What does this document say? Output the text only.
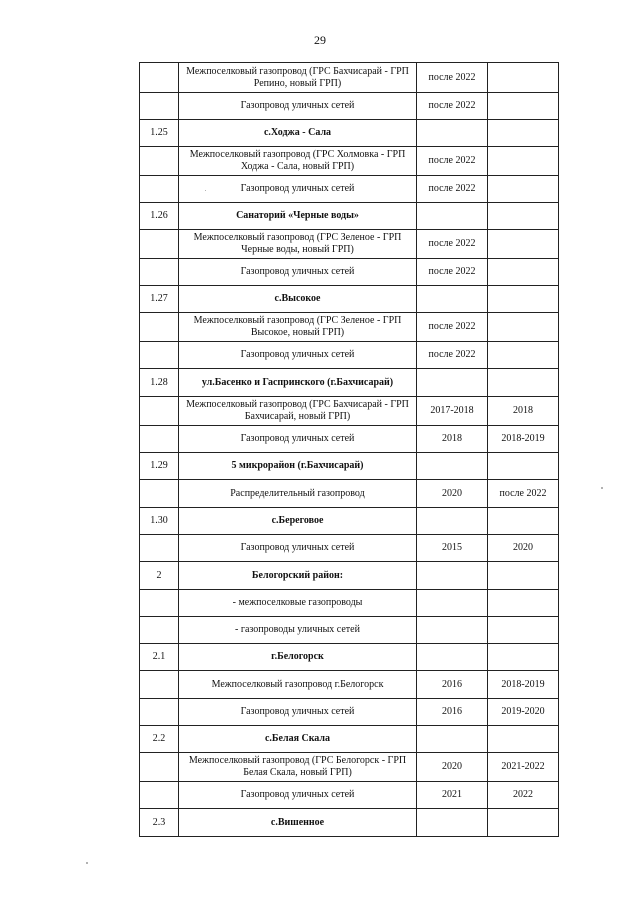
29
	Межпоселковый газопровод (ГРС Бахчисарай - ГРП Репино, новый ГРП)	после 2022	
	Газопровод уличных сетей	после 2022	
1.25	с.Ходжа - Сала		
	Межпоселковый газопровод (ГРС Холмовка - ГРП Ходжа - Сала, новый ГРП)	после 2022	
	Газопровод уличных сетей	после 2022	
1.26	Санаторий «Черные воды»		
	Межпоселковый газопровод (ГРС Зеленое - ГРП Черные воды, новый ГРП)	после 2022	
	Газопровод уличных сетей	после 2022	
1.27	с.Высокое		
	Межпоселковый газопровод (ГРС Зеленое - ГРП Высокое, новый ГРП)	после 2022	
	Газопровод уличных сетей	после 2022	
1.28	ул.Басенко и Гаспринского (г.Бахчисарай)		
	Межпоселковый газопровод (ГРС Бахчисарай - ГРП Бахчисарай, новый ГРП)	2017-2018	2018
	Газопровод уличных сетей	2018	2018-2019
1.29	5 микрорайон (г.Бахчисарай)		
	Распределительный газопровод	2020	после 2022
1.30	с.Береговое		
	Газопровод уличных сетей	2015	2020
2	Белогорский район:		
	- межпоселковые газопроводы		
	- газопроводы уличных сетей		
2.1	г.Белогорск		
	Межпоселковый газопровод г.Белогорск	2016	2018-2019
	Газопровод уличных сетей	2016	2019-2020
2.2	с.Белая Скала		
	Межпоселковый газопровод (ГРС Белогорск - ГРП Белая Скала, новый ГРП)	2020	2021-2022
	Газопровод уличных сетей	2021	2022
2.3	с.Вишенное		
